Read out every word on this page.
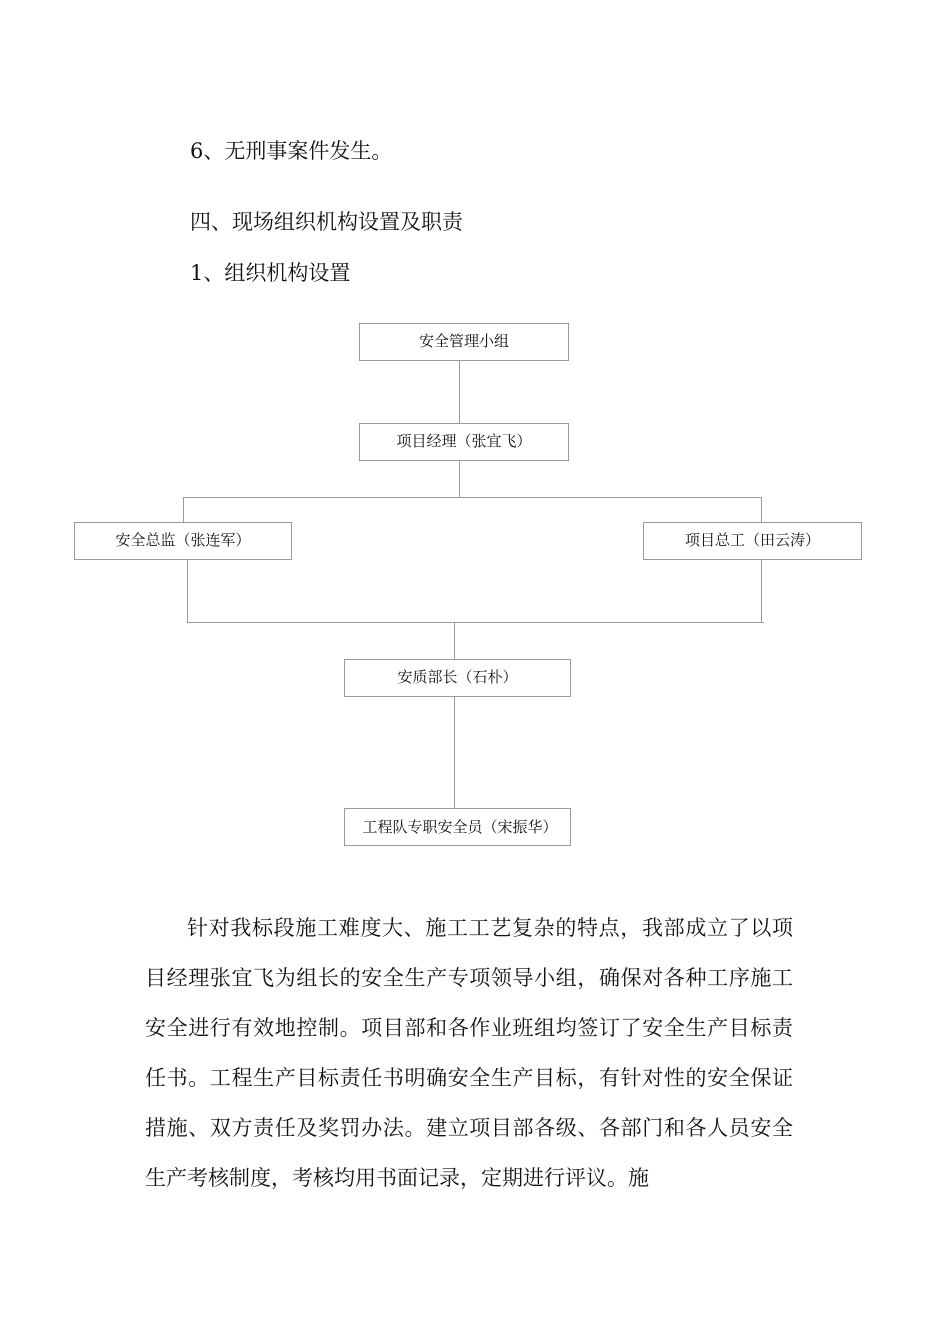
6、无刑事案件发生。
四、现场组织机构设置及职责
1、组织机构设置
安全管理小组
项目经理（张宜飞）
安全总监（张连军）	项目总工（田云涛）
安质部长（石朴）
工程队专职安全员（宋振华）

针对我标段施工难度大、施工工艺复杂的特点，我部成立了以项目经理张宜飞为组长的安全生产专项领导小组，确保对各种工序施工安全进行有效地控制。项目部和各作业班组均签订了安全生产目标责任书。工程生产目标责任书明确安全生产目标，有针对性的安全保证措施、双方责任及奖罚办法。建立项目部各级、各部门和各人员安全生产考核制度，考核均用书面记录，定期进行评议。施
